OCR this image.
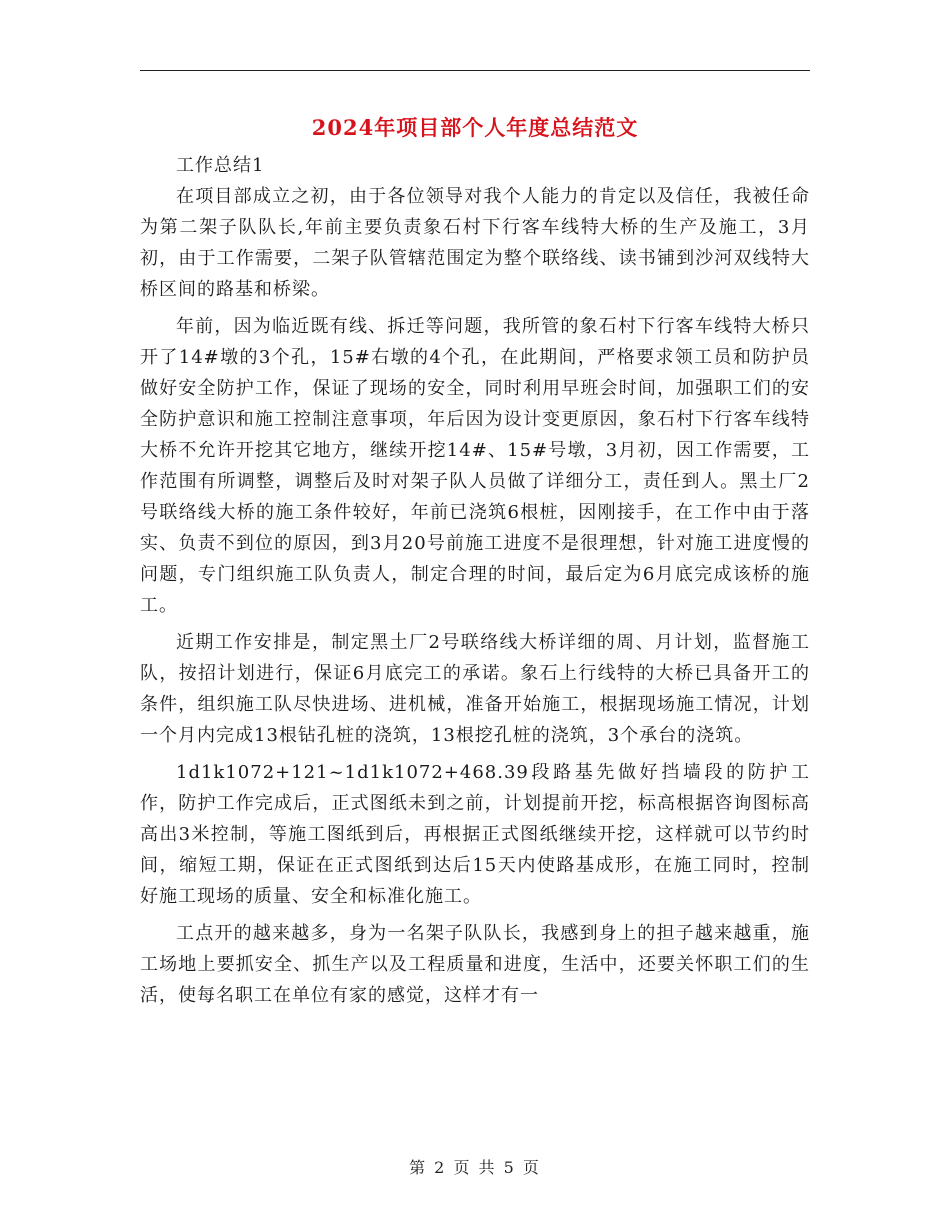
2024年项目部个人年度总结范文

工作总结1

在项目部成立之初，由于各位领导对我个人能力的肯定以及信任，我被任命为第二架子队队长,年前主要负责象石村下行客车线特大桥的生产及施工，3月初，由于工作需要，二架子队管辖范围定为整个联络线、读书铺到沙河双线特大桥区间的路基和桥梁。

年前，因为临近既有线、拆迁等问题，我所管的象石村下行客车线特大桥只开了14#墩的3个孔，15#右墩的4个孔，在此期间，严格要求领工员和防护员做好安全防护工作，保证了现场的安全，同时利用早班会时间，加强职工们的安全防护意识和施工控制注意事项，年后因为设计变更原因，象石村下行客车线特大桥不允许开挖其它地方，继续开挖14#、15#号墩，3月初，因工作需要，工作范围有所调整，调整后及时对架子队人员做了详细分工，责任到人。黑土厂2号联络线大桥的施工条件较好，年前已浇筑6根桩，因刚接手，在工作中由于落实、负责不到位的原因，到3月20号前施工进度不是很理想，针对施工进度慢的问题，专门组织施工队负责人，制定合理的时间，最后定为6月底完成该桥的施工。

近期工作安排是，制定黑土厂2号联络线大桥详细的周、月计划，监督施工队，按招计划进行，保证6月底完工的承诺。象石上行线特的大桥已具备开工的条件，组织施工队尽快进场、进机械，准备开始施工，根据现场施工情况，计划一个月内完成13根钻孔桩的浇筑，13根挖孔桩的浇筑，3个承台的浇筑。

1d1k1072+121~1d1k1072+468.39段路基先做好挡墙段的防护工作，防护工作完成后，正式图纸未到之前，计划提前开挖，标高根据咨询图标高高出3米控制，等施工图纸到后，再根据正式图纸继续开挖，这样就可以节约时间，缩短工期，保证在正式图纸到达后15天内使路基成形，在施工同时，控制好施工现场的质量、安全和标准化施工。

工点开的越来越多，身为一名架子队队长，我感到身上的担子越来越重，施工场地上要抓安全、抓生产以及工程质量和进度，生活中，还要关怀职工们的生活，使每名职工在单位有家的感觉，这样才有一

第 2 页 共 5 页
